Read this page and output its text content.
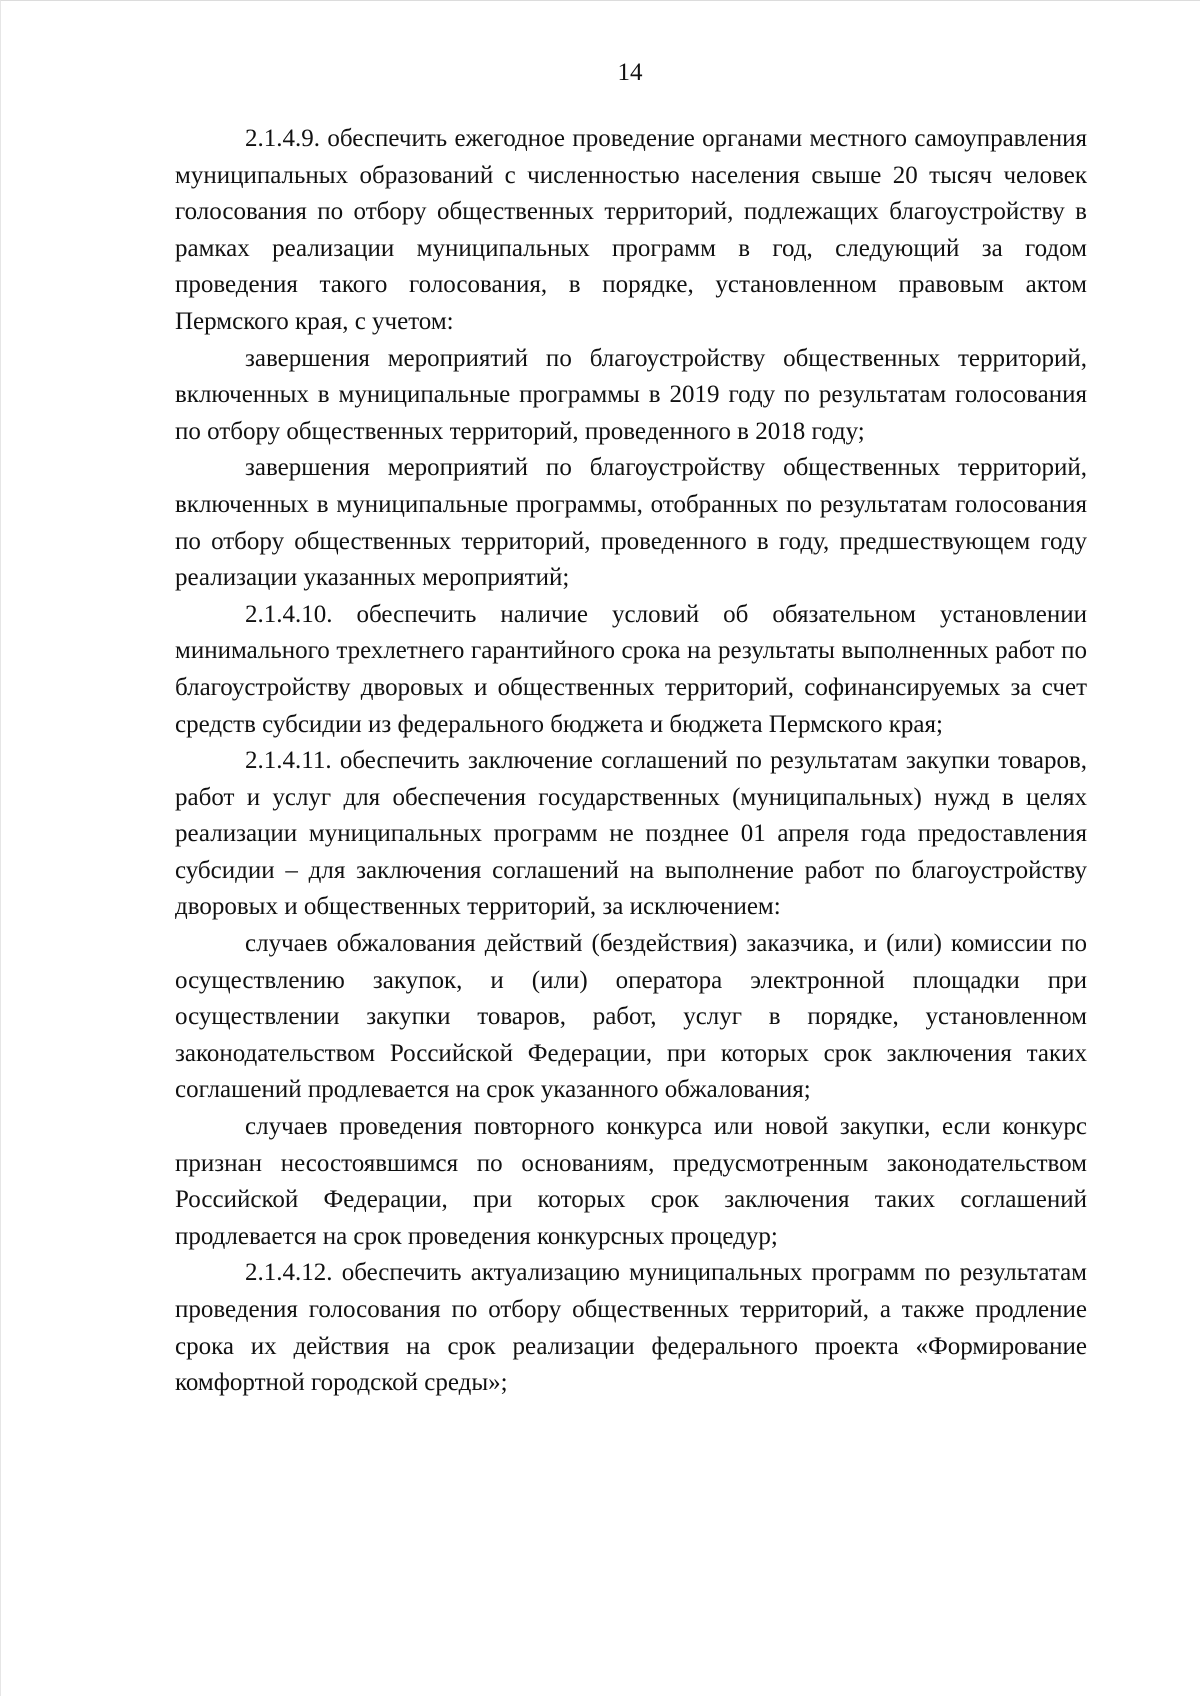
14

2.1.4.9. обеспечить ежегодное проведение органами местного самоуправления муниципальных образований с численностью населения свыше 20 тысяч человек голосования по отбору общественных территорий, подлежащих благоустройству в рамках реализации муниципальных программ в год, следующий за годом проведения такого голосования, в порядке, установленном правовым актом Пермского края, с учетом:

завершения мероприятий по благоустройству общественных территорий, включенных в муниципальные программы в 2019 году по результатам голосования по отбору общественных территорий, проведенного в 2018 году;

завершения мероприятий по благоустройству общественных территорий, включенных в муниципальные программы, отобранных по результатам голосования по отбору общественных территорий, проведенного в году, предшествующем году реализации указанных мероприятий;

2.1.4.10. обеспечить наличие условий об обязательном установлении минимального трехлетнего гарантийного срока на результаты выполненных работ по благоустройству дворовых и общественных территорий, софинансируемых за счет средств субсидии из федерального бюджета и бюджета Пермского края;

2.1.4.11. обеспечить заключение соглашений по результатам закупки товаров, работ и услуг для обеспечения государственных (муниципальных) нужд в целях реализации муниципальных программ не позднее 01 апреля года предоставления субсидии – для заключения соглашений на выполнение работ по благоустройству дворовых и общественных территорий, за исключением:

случаев обжалования действий (бездействия) заказчика, и (или) комиссии по осуществлению закупок, и (или) оператора электронной площадки при осуществлении закупки товаров, работ, услуг в порядке, установленном законодательством Российской Федерации, при которых срок заключения таких соглашений продлевается на срок указанного обжалования;

случаев проведения повторного конкурса или новой закупки, если конкурс признан несостоявшимся по основаниям, предусмотренным законодательством Российской Федерации, при которых срок заключения таких соглашений продлевается на срок проведения конкурсных процедур;

2.1.4.12. обеспечить актуализацию муниципальных программ по результатам проведения голосования по отбору общественных территорий, а также продление срока их действия на срок реализации федерального проекта «Формирование комфортной городской среды»;
